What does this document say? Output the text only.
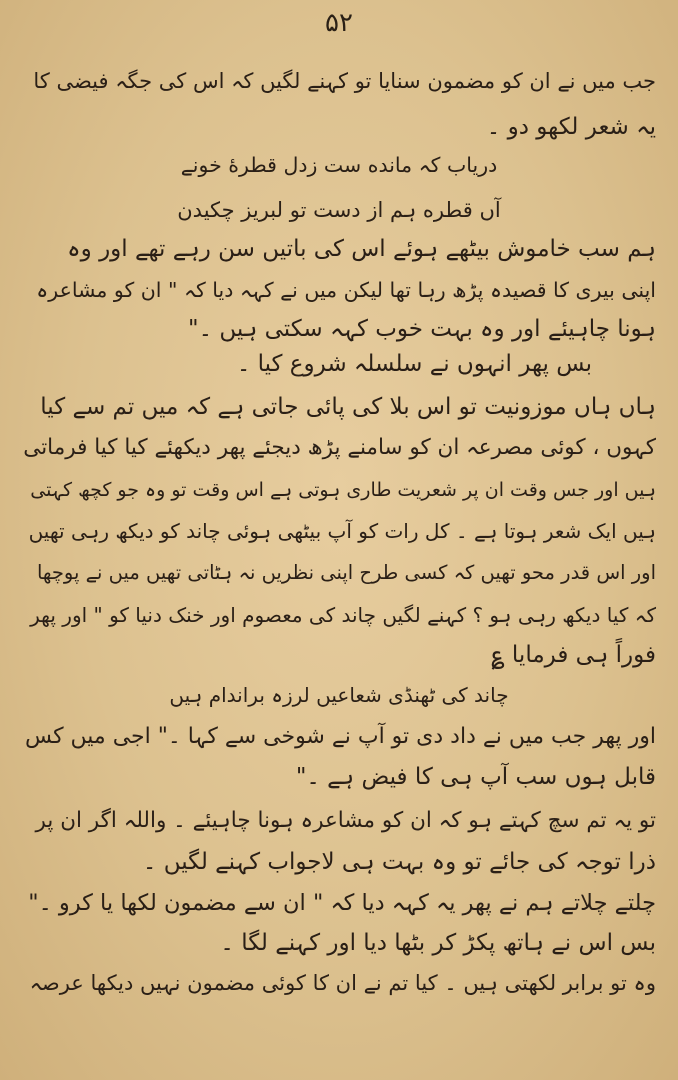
۵۲
جب میں نے ان کو مضمون سنایا تو کہنے لگیں کہ اس کی جگہ فیضی کا
یہ شعر لکھو دو ۔
دریاب کہ مانده ست زدل قطرهٔ خونے
آں قطره ہم از دست تو لبریز چکیدن
ہم سب خاموش بیٹھے ہوئے اس کی باتیں سن رہے تھے اور وہ
اپنی بیری کا قصیدہ پڑھ رہا تھا لیکن میں نے کہہ دیا کہ " ان کو مشاعرہ
ہونا چاہیئے اور وہ بہت خوب کہہ سکتی ہیں ۔"
بس پھر انہوں نے سلسلہ شروع کیا ۔
ہاں ہاں موزونیت تو اس بلا کی پائی جاتی ہے کہ میں تم سے کیا
کہوں ، کوئی مصرعہ ان کو سامنے پڑھ دیجئے پھر دیکھئے کیا کیا فرماتی
ہیں اور جس وقت ان پر شعریت طاری ہوتی ہے اس وقت تو وہ جو کچھ کہتی
ہیں ایک شعر ہوتا ہے ۔ کل رات کو آپ بیٹھی ہوئی چاند کو دیکھ رہی تھیں
اور اس قدر محو تھیں کہ کسی طرح اپنی نظریں نہ ہٹاتی تھیں میں نے پوچھا
کہ کیا دیکھ رہی ہو ؟ کہنے لگیں چاند کی معصوم اور خنک دنیا کو " اور پھر
فوراً ہی فرمایا ؏
چاند کی ٹھنڈی شعاعیں لرزہ براندام ہیں
اور پھر جب میں نے داد دی تو آپ نے شوخی سے کہا ۔" اجی میں کس
قابل ہوں سب آپ ہی کا فیض ہے ۔"
تو یہ تم سچ کہتے ہو کہ ان کو مشاعرہ ہونا چاہیئے ۔ واللہ اگر ان پر
ذرا توجہ کی جائے تو وہ بہت ہی لاجواب کہنے لگیں ۔
چلتے چلاتے ہم نے پھر یہ کہہ دیا کہ " ان سے مضمون لکھا یا کرو ۔"
بس اس نے ہاتھ پکڑ کر بٹھا دیا اور کہنے لگا ۔
وہ تو برابر لکھتی ہیں ۔ کیا تم نے ان کا کوئی مضمون نہیں دیکھا عرصہ
